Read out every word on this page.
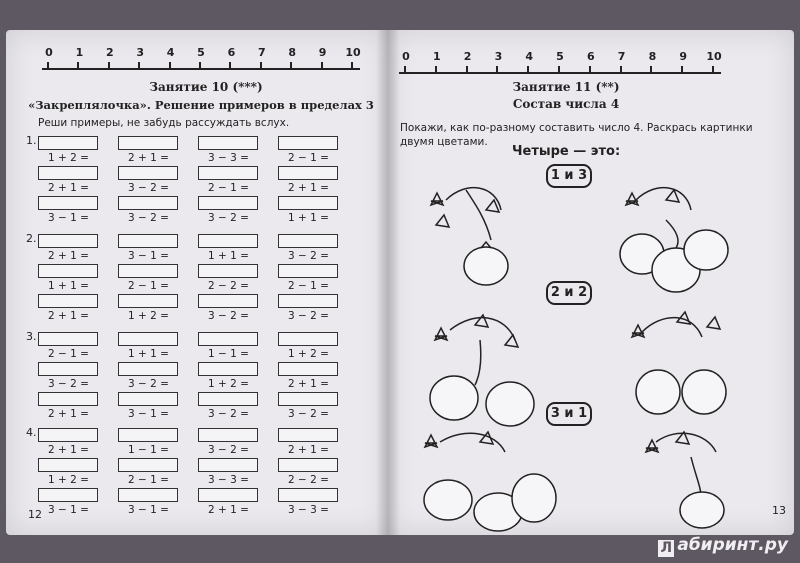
0	1	2	3	4	5	6	7	8	9	10	0	1	2	3	4	5	6	7	8	9	10
Занятие 10 (***)
«Закреплялочка». Решение примеров в пределах 3
Реши примеры, не забудь рассуждать вслух.
1.
1 + 2 =	2 + 1 =	3 − 3 =	2 − 1 =
2 + 1 =	3 − 2 =	2 − 1 =	2 + 1 =
3 − 1 =	3 − 2 =	3 − 2 =	1 + 1 =
2.
2 + 1 =	3 − 1 =	1 + 1 =	3 − 2 =
1 + 1 =	2 − 1 =	2 − 2 =	2 − 1 =
2 + 1 =	1 + 2 =	3 − 2 =	3 − 2 =
3.
2 − 1 =	1 + 1 =	1 − 1 =	1 + 2 =
3 − 2 =	3 − 2 =	1 + 2 =	2 + 1 =
2 + 1 =	3 − 1 =	3 − 2 =	3 − 2 =
4.
2 + 1 =	1 − 1 =	3 − 2 =	2 + 1 =
1 + 2 =	2 − 1 =	3 − 3 =	2 − 2 =
3 − 1 =	3 − 1 =	2 + 1 =	3 − 3 =
12
Занятие 11 (**)
Состав числа 4
Покажи, как по-разному составить число 4. Раскрась картинки двумя цветами.
Четыре — это:
1 и 3
2 и 2
3 и 1
13
Л абиринт.ру
